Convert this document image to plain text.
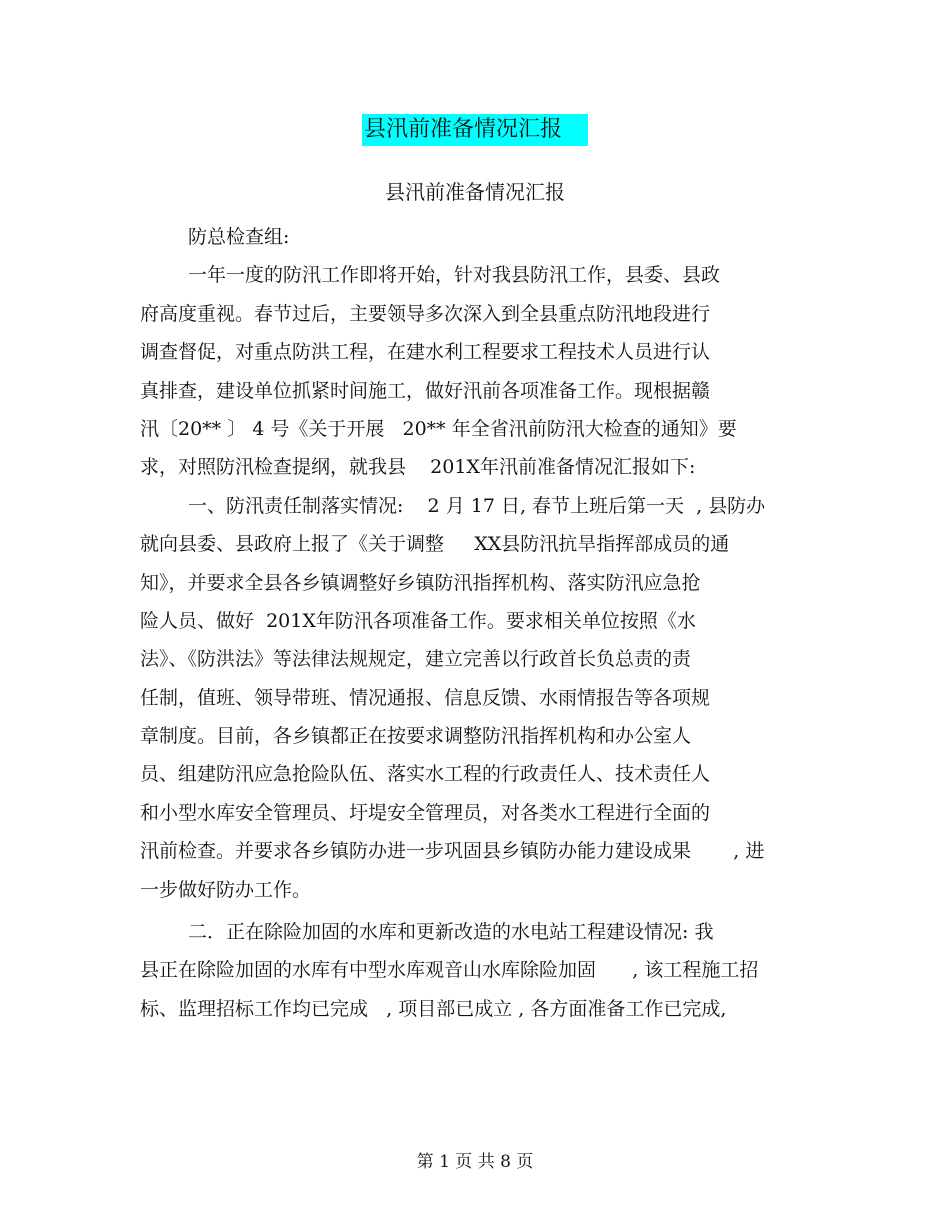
县汛前准备情况汇报
县汛前准备情况汇报
防总检查组:
一年一度的防汛工作即将开始，针对我县防汛工作，县委、县政
府高度重视。春节过后，主要领导多次深入到全县重点防汛地段进行
调查督促，对重点防洪工程，在建水利工程要求工程技术人员进行认
真排查，建设单位抓紧时间施工，做好汛前各项准备工作。现根据赣
汛〔20** 〕 4 号《关于开展   20** 年全省汛前防汛大检查的通知》要
求，对照防汛检查提纲，就我县    201X年汛前准备情况汇报如下:
一、防汛责任制落实情况:    2 月 17 日, 春节上班后第一天  , 县防办
就向县委、县政府上报了《关于调整     XX县防汛抗旱指挥部成员的通
知》，并要求全县各乡镇调整好乡镇防汛指挥机构、落实防汛应急抢
险人员、做好  201X年防汛各项准备工作。要求相关单位按照《水
法》、《防洪法》等法律法规规定，建立完善以行政首长负总责的责
任制，值班、领导带班、情况通报、信息反馈、水雨情报告等各项规
章制度。目前，各乡镇都正在按要求调整防汛指挥机构和办公室人
员、组建防汛应急抢险队伍、落实水工程的行政责任人、技术责任人
和小型水库安全管理员、圩堤安全管理员，对各类水工程进行全面的
汛前检查。并要求各乡镇防办进一步巩固县乡镇防办能力建设成果       , 进
一步做好防办工作。
二．正在除险加固的水库和更新改造的水电站工程建设情况: 我
县正在除险加固的水库有中型水库观音山水库除险加固      , 该工程施工招
标、监理招标工作均已完成   , 项目部已成立 , 各方面准备工作已完成,
第 1 页 共 8 页
